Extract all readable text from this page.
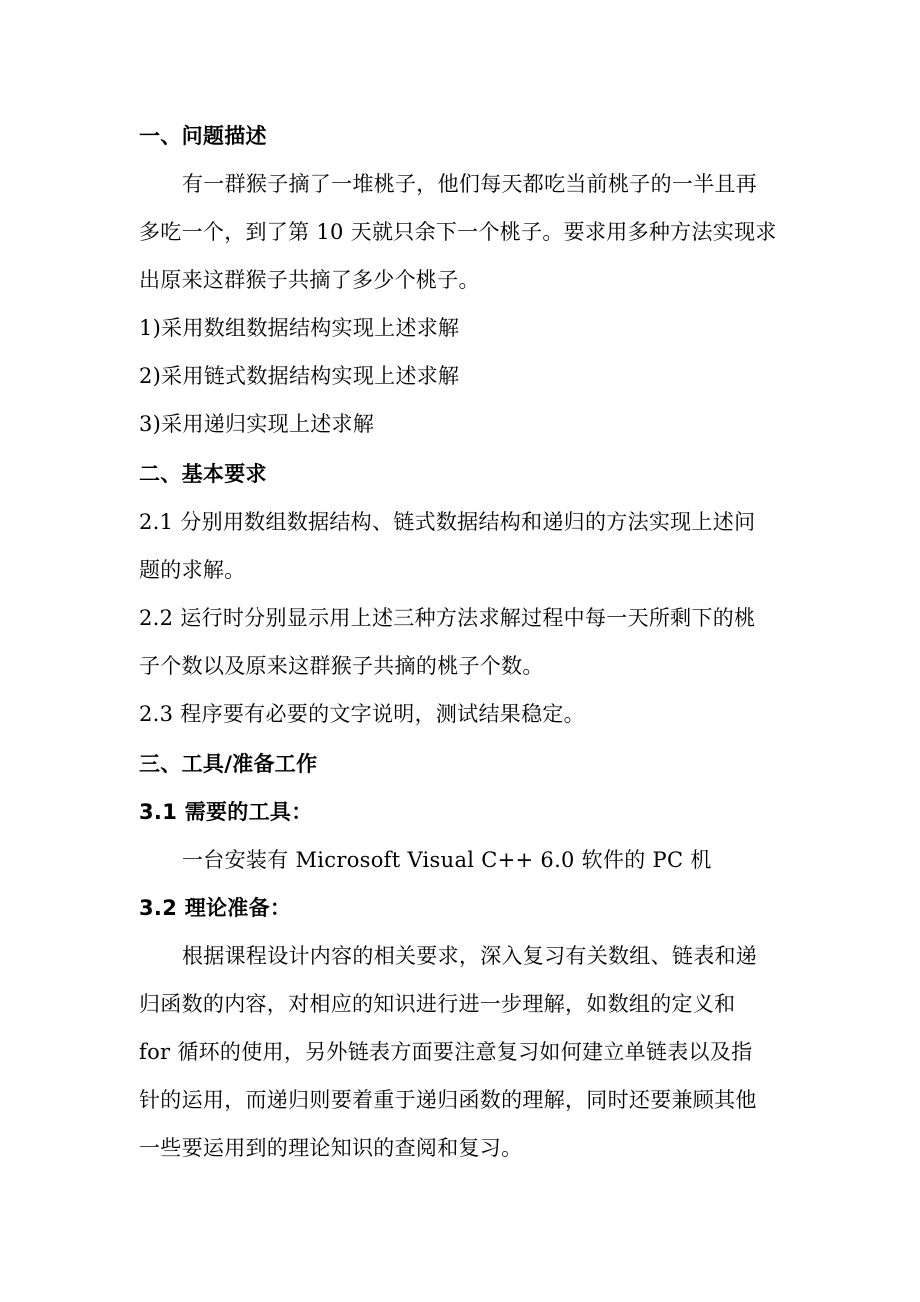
一、问题描述
有一群猴子摘了一堆桃子，他们每天都吃当前桃子的一半且再
多吃一个，到了第 10 天就只余下一个桃子。要求用多种方法实现求
出原来这群猴子共摘了多少个桃子。
1)采用数组数据结构实现上述求解
2)采用链式数据结构实现上述求解
3)采用递归实现上述求解
二、基本要求
2.1 分别用数组数据结构、链式数据结构和递归的方法实现上述问
题的求解。
2.2 运行时分别显示用上述三种方法求解过程中每一天所剩下的桃
子个数以及原来这群猴子共摘的桃子个数。
2.3 程序要有必要的文字说明，测试结果稳定。
三、工具/准备工作
3.1 需要的工具：
一台安装有 Microsoft Visual C++ 6.0 软件的 PC 机
3.2 理论准备：
根据课程设计内容的相关要求，深入复习有关数组、链表和递
归函数的内容，对相应的知识进行进一步理解，如数组的定义和
for 循环的使用，另外链表方面要注意复习如何建立单链表以及指
针的运用，而递归则要着重于递归函数的理解，同时还要兼顾其他
一些要运用到的理论知识的查阅和复习。
